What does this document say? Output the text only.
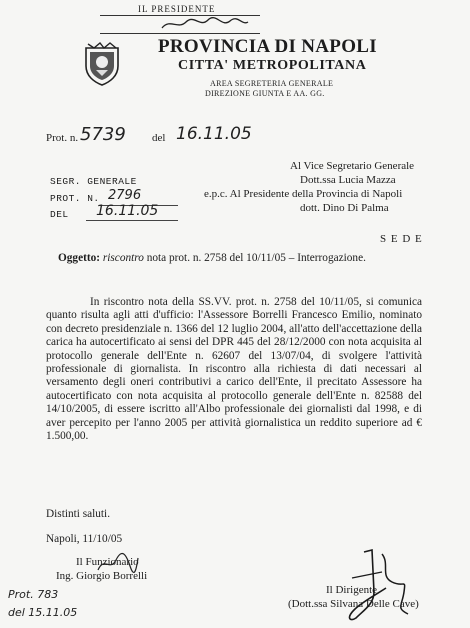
IL PRESIDENTE
PROVINCIA DI NAPOLI
CITTA' METROPOLITANA
AREA SEGRETERIA GENERALE
DIREZIONE GIUNTA E AA. GG.
Prot. n. 5739 del 16.11.05
Al Vice Segretario Generale
Dott.ssa Lucia Mazza
e.p.c. Al Presidente della Provincia di Napoli
dott. Dino Di Palma
SEGR. GENERALE
PROT. N. 2796
DEL 16.11.05
S E D E
Oggetto: riscontro nota prot. n. 2758 del 10/11/05 – Interrogazione.
In riscontro nota della SS.VV. prot. n. 2758 del 10/11/05, si comunica quanto risulta agli atti d'ufficio: l'Assessore Borrelli Francesco Emilio, nominato con decreto presidenziale n. 1366 del 12 luglio 2004, all'atto dell'accettazione della carica ha autocertificato ai sensi del DPR 445 del 28/12/2000 con nota acquisita al protocollo generale dell'Ente n. 62607 del 13/07/04, di svolgere l'attività professionale di giornalista. In riscontro alla richiesta di dati necessari al versamento degli oneri contributivi a carico dell'Ente, il precitato Assessore ha autocertificato con nota acquisita al protocollo generale dell'Ente n. 82588 del 14/10/2005, di essere iscritto all'Albo professionale dei giornalisti dal 1998, e di aver percepito per l'anno 2005 per attività giornalistica un reddito superiore ad € 1.500,00.
Distinti saluti.
Napoli, 11/10/05
Il Funzionario
Ing. Giorgio Borrelli
Il Dirigente
(Dott.ssa Silvana Delle Cave)
Prot. 783
del 15.11.05
